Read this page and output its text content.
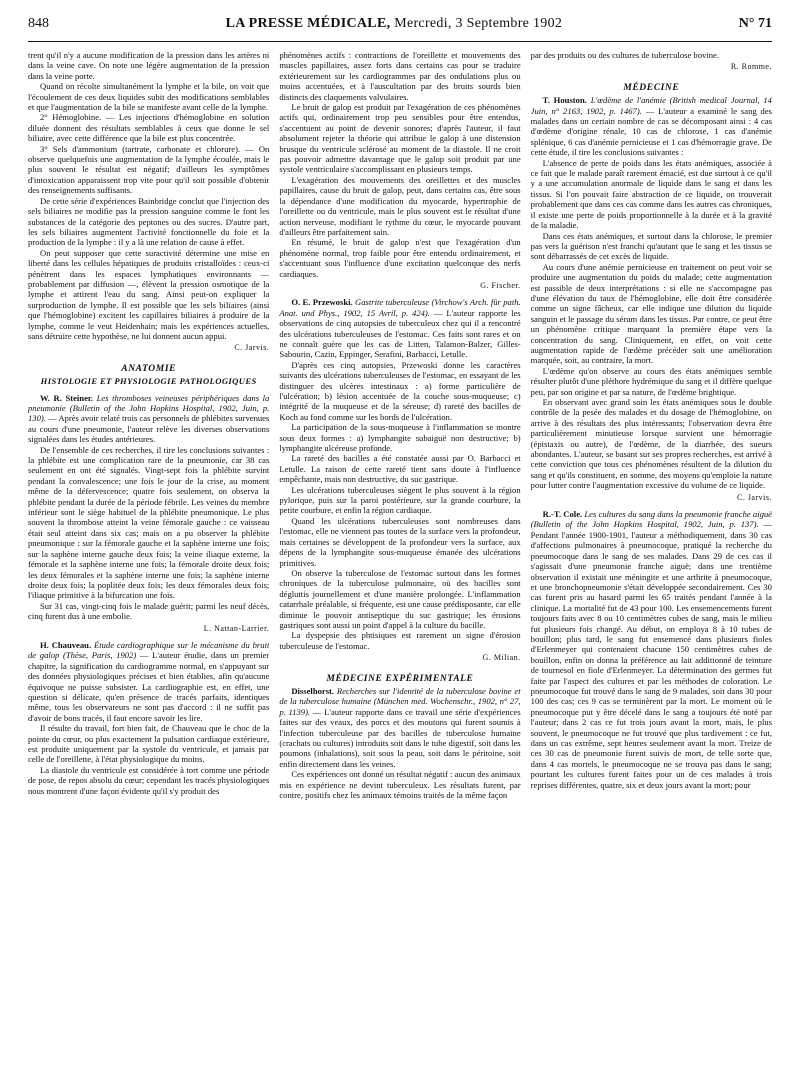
848	LA PRESSE MÉDICALE, Mercredi, 3 Septembre 1902	N° 71

trent qu'il n'y a aucune modification de la pression dans les artères ni dans la veine cave. On note une légère augmentation de la pression dans la veine porte.

Quand on récolte simultanément la lymphe et la bile, on voit que l'écoulement de ces deux liquides subit des modifications semblables et que l'augmentation de la bile se manifeste avant celle de la lymphe.

2° Hémoglobine. — Les injections d'hémoglobine en solution diluée donnent des résultats semblables à ceux que donne le sel biliaire, avec cette différence que la bile est plus concentrée.

3° Sels d'ammonium (tartrate, carbonate et chlorure). — On observe quelquefois une augmentation de la lymphe écoulée, mais le plus souvent le résultat est négatif; d'ailleurs les symptômes d'intoxication apparaissent trop vite pour qu'il soit possible d'obtenir des renseignements suffisants.

De cette série d'expériences Bainbridge conclut que l'injection des sels biliaires ne modifie pas la pression sanguine comme le font les substances de la catégorie des peptones ou des sucres. D'autre part, les sels biliaires augmentent l'activité fonctionnelle du foie et la production de la lymphe : il y a là une relation de cause à effet.

On peut supposer que cette suractivité détermine une mise en liberté dans les cellules hépatiques de produits cristalloïdes : ceux-ci pénètrent dans les espaces lymphatiques environnants — probablement par diffusion —, élèvent la pression osmotique de la lymphe et attirent l'eau du sang. Ainsi peut-on expliquer la surproduction de lymphe. Il est possible que les sels biliaires (ainsi que l'hémoglobine) excitent les capillaires biliaires à produire de la lymphe, comme le veut Heidenhain; mais les expériences actuelles, sans détruire cette hypothèse, ne lui donnent aucun appui.

C. Jarvis.

ANATOMIE
HISTOLOGIE ET PHYSIOLOGIE PATHOLOGIQUES

W. R. Steiner. Les thromboses veineuses périphériques dans la pneumonie (Bulletin of the John Hopkins Hospital, 1902, Juin, p. 130). — Après avoir relaté trois cas personnels de phlébites survenues au cours d'une pneumonie, l'auteur relève les diverses observations signalées dans les études antérieures.

De l'ensemble de ces recherches, il tire les conclusions suivantes : la phlébite est une complication rare de la pneumonie, car 38 cas seulement en ont été signalés. Vingt-sept fois la phlébite survint pendant la convalescence; une fois le jour de la crise, au moment même de la défervescence; quatre fois seulement, on observa la phlébite pendant la durée de la période fébrile. Les veines du membre inférieur sont le siège habituel de la phlébite pneumonique. Le plus souvent la thrombose atteint la veine fémorale gauche : ce vaisseau était seul atteint dans six cas; mais on a pu observer la phlébite pneumonique : sur la fémorale gauche et la saphène interne une fois; sur la saphène interne gauche deux fois; la veine iliaque externe, la fémorale et la saphène interne une fois; la fémorale droite deux fois; les deux fémorales et la saphène interne une fois; la saphène interne droite deux fois; la poplitée deux fois; les deux fémorales deux fois; l'iliaque primitive à la bifurcation une fois.

Sur 31 cas, vingt-cinq fois le malade guérit; parmi les neuf décès, cinq furent dus à une embolie.

L. Nattan-Larrier.

H. Chauveau. Étude cardiographique sur le mécanisme du bruit de galop (Thèse, Paris, 1902) — L'auteur étudie, dans un premier chapitre, la signification du cardiogramme normal, en s'appuyant sur des données physiologiques précises et bien établies, afin qu'aucune équivoque ne puisse subsister. La cardiographie est, en effet, une question si délicate, qu'en présence de tracés parfaits, identiques même, tous les observateurs ne sont pas d'accord : il ne suffit pas d'avoir de bons tracés, il faut encore savoir les lire.

Il résulte du travail, fort bien fait, de Chauveau que le choc de la pointe du cœur, ou plus exactement la pulsation cardiaque extérieure, est produite uniquement par la systole du ventricule, et jamais par celle de l'oreillette, à l'état physiologique du moins.

La diastole du ventricule est considérée à tort comme une période de pose, de repos absolu du cœur; cependant les tracés physiologiques nous montrent d'une façon évidente qu'il s'y produit des

phénomènes actifs : contractions de l'oreillette et mouvements des muscles papillaires, assez forts dans certains cas pour se traduire extérieurement sur les cardiogrammes par des ondulations plus ou moins accentuées, et à l'auscultation par des bruits sourds bien distincts des claquements valvulaires.

Le bruit de galop est produit par l'exagération de ces phénomènes actifs qui, ordinairement trop peu sensibles pour être entendus, s'accentuent au point de devenir sonores; d'après l'auteur, il faut absolument rejeter la théorie qui attribue le galop à une distension brusque du ventricule sclérosé au moment de la diastole. Il ne croit pas pouvoir admettre davantage que le galop soit produit par une systole ventriculaire s'accomplissant en plusieurs temps.

L'exagération des mouvements des oreillettes et des muscles papillaires, cause du bruit de galop, peut, dans certains cas, être sous la dépendance d'une modification du myocarde, hypertrophie de l'oreillette ou du ventricule, mais le plus souvent est le résultat d'une action nerveuse, modifiant le rythme du cœur, le myocarde pouvant d'ailleurs être parfaitement sain.

En résumé, le bruit de galop n'est que l'exagération d'un phénomène normal, trop faible pour être entendu ordinairement, et s'accentuant sous l'influence d'une excitation quelconque des nerfs cardiaques.

G. Fischer.

O. E. Przewoski. Gastrite tuberculeuse (Virchow's Arch. für path. Anat. und Phys., 1902, 15 Avril, p. 424). — L'auteur rapporte les observations de cinq autopsies de tuberculeux chez qui il a rencontré des ulcérations tuberculeuses de l'estomac. Ces faits sont rares et on ne connaît guère que les cas de Litten, Talamon-Balzer, Gilles-Sabourin, Cazin, Eppinger, Serafini, Barbacci, Letulle.

D'après ces cinq autopsies, Przewoski donne les caractères suivants des ulcérations tuberculeuses de l'estomac, en essayant de les distinguer des ulcères intestinaux : a) forme particulière de l'ulcération; b) lésion accentuée de la couche sous-muqueuse; c) intégrité de la muqueuse et de la séreuse; d) rareté des bacilles de Koch au fond comme sur les bords de l'ulcération.

La participation de la sous-muqueuse à l'inflammation se montre sous deux formes : a) lymphangite subaiguë non destructive; b) lymphangite ulcéreuse profonde.

La rareté des bacilles a été constatée aussi par O. Barbacci et Letulle. La raison de cette rareté tient sans doute à l'influence empêchante, mais non destructive, du suc gastrique.

Les ulcérations tuberculeuses siègent le plus souvent à la région pylorique, puis sur la paroi postérieure, sur la grande courbure, la petite courbure, et enfin la région cardiaque.

Quand les ulcérations tuberculeuses sont nombreuses dans l'estomac, elle ne viennent pas toutes de la surface vers la profondeur, mais certaines se développent de la profondeur vers la surface, aux dépens de la lymphangite sous-muqueuse émanée des ulcérations primitives.

On observe la tuberculose de l'estomac surtout dans les formes chroniques de la tuberculose pulmonaire, où des bacilles sont dégluttis journellement et d'une manière prolongée. L'inflammation catarrhale préalable, si fréquente, est une cause prédisposante, car elle diminue le pouvoir antiseptique du suc gastrique; les érosions gastriques sont aussi un point d'appel à la culture du bacille.

La dyspepsie des phtisiques est rarement un signe d'érosion tuberculeuse de l'estomac.

G. Milian.

MÉDECINE EXPÉRIMENTALE

Disselhorst. Recherches sur l'identité de la tuberculose bovine et de la tuberculose humaine (München med. Wochenschr., 1902, n° 27, p. 1139). — L'auteur rapporte dans ce travail une série d'expériences faites sur des veaux, des porcs et des moutons qui furent soumis à l'infection tuberculeuse par des bacilles de tuberculose humaine (crachats ou cultures) introduits soit dans le tube digestif, soit dans les poumons (inhalations), soit sous la peau, soit dans le péritoine, soit enfin directement dans les veines.

Ces expériences ont donné un résultat négatif : aucun des animaux mis en expérience ne devint tuberculeux. Les résultats furent, par contre, positifs chez les animaux témoins traités de la même façon

par des produits ou des cultures de tuberculose bovine.

R. Romme.

MÉDECINE

T. Houston. L'œdème de l'anémie (British medical Journal, 14 Juin, n° 2163, 1902, p. 1467). — L'auteur a examiné le sang des malades dans un certain nombre de cas se décomposant ainsi : 4 cas d'œdème d'origine rénale, 10 cas de chlorose, 1 cas d'anémie splénique, 6 cas d'anémie pernicieuse et 1 cas d'hémorragie grave. De cette étude, il tire les conclusions suivantes :

L'absence de perte de poids dans les états anémiques, associée à ce fait que le malade paraît rarement émacié, est due surtout à ce qu'il y a une accumulation anormale de liquide dans le sang et dans les tissus. Si l'on pouvait faire abstraction de ce liquide, on trouverait probablement que dans ces cas comme dans les autres cas chroniques, il existe une perte de poids proportionnelle à la durée et à la gravité de la maladie.

Dans ces états anémiques, et surtout dans la chlorose, le premier pas vers la guérison n'est franchi qu'autant que le sang et les tissus se sont débarrassés de cet excès de liquide.

Au cours d'une anémie pernicieuse en traitement on peut voir se produire une augmentation du poids du malade; cette augmentation est passible de deux interprétations : si elle ne s'accompagne pas d'une élévation du taux de l'hémoglobine, elle doit être considérée comme un signe fâcheux, car elle indique une dilution du liquide sanguin et le passage du sérum dans les tissus. Par contre, ce peut être un phénomène critique marquant la première étape vers la concentration du sang. Cliniquement, en effet, on voit cette augmentation rapide de l'œdème précéder soit une amélioration marquée, soit, au contraire, la mort.

L'œdème qu'on observe au cours des états anémiques semble résulter plutôt d'une pléthore hydrémique du sang et il diffère quelque peu, par son origine et par sa nature, de l'œdème brightique.

En observant avec grand soin les états anémiques sous le double contrôle de la pesée des malades et du dosage de l'hémoglobine, on arrive à des résultats des plus intéressants; l'observation devra être particulièrement minutieuse lorsque survient une hémorragie (épistaxis ou autre), de l'œdème, de la diarrhée, des sueurs abondantes. L'auteur, se basant sur ses propres recherches, est arrivé à cette conviction que tous ces phénomènes résultent de la dilution du sang et qu'ils constituent, en somme, des moyens qu'emploie la nature pour lutter contre l'augmentation excessive du volume de ce liquide.

C. Jarvis.

R.-T. Cole. Les cultures du sang dans la pneumonie franche aiguë (Bulletin of the John Hopkins Hospital, 1902, Juin, p. 137). — Pendant l'année 1900-1901, l'auteur a méthodiquement, dans 30 cas d'affections pulmonaires à pneumocoque, pratiqué la recherche du pneumocoque dans le sang de ses malades. Dans 29 de ces cas il s'agissait d'une pneumonie franche aiguë; dans une trentième observation il existait une méningite et une arthrite à pneumocoque, et une bronchopneumonie s'était développée secondairement. Ces 30 cas furent pris au hasard parmi les 65 traités pendant l'année à la clinique. La mortalité fut de 43 pour 100. Les ensemencements furent toujours faits avec 8 ou 10 centimètres cubes de sang, mais le milieu fut plusieurs fois changé. Au début, on employa 8 à 10 tubes de bouillon; plus tard, le sang fut ensemencé dans plusieurs fioles d'Erlenmeyer qui contenaient chacune 150 centimètres cubes de bouillon, enfin on donna la préférence au lait additionné de teinture de tournesol en fiole d'Erlenmeyer. La détermination des germes fut faite par l'aspect des cultures et par les méthodes de coloration. Le pneumocoque fut trouvé dans le sang de 9 malades, soit dans 30 pour 100 des cas; ces 9 cas se terminèrent par la mort. Le moment où le pneumocoque put y être décelé dans le sang a toujours été noté par l'auteur; dans 2 cas ce fut trois jours avant la mort, mais, le plus souvent, le pneumocoque ne fut trouvé que plus tardivement : ce fut, dans un cas extrême, sept heures seulement avant la mort. Treize de ces 30 cas de pneumonie furent suivis de mort, de telle sorte que, dans 4 cas mortels, le pneumocoque ne se trouva pas dans le sang; pourtant les cultures furent faites pour un de ces malades à trois reprises différentes, quatre, six et deux jours avant la mort; pour
